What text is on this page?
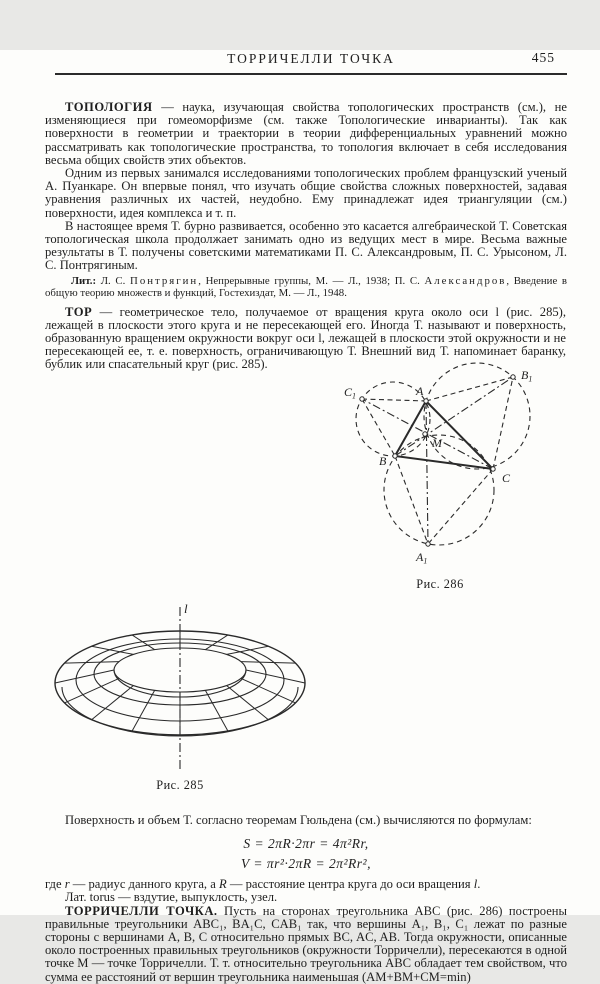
ТОРРИЧЕЛЛИ ТОЧКА	455

ТОПОЛОГИЯ — наука, изучающая свойства топологических пространств (см.), не изменяющиеся при гомеоморфизме (см. также Топологические инварианты). Так как поверхности в геометрии и траектории в теории дифференциальных уравнений можно рассматривать как топологические пространства, то топология включает в себя исследования весьма общих свойств этих объектов.

Одним из первых занимался исследованиями топологических проблем французский ученый А. Пуанкаре. Он впервые понял, что изучать общие свойства сложных поверхностей, задавая уравнения различных их частей, неудобно. Ему принадлежат идея триангуляции (см.) поверхности, идея комплекса и т. п.

В настоящее время Т. бурно развивается, особенно это касается алгебраической Т. Советская топологическая школа продолжает занимать одно из ведущих мест в мире. Весьма важные результаты в Т. получены советскими математиками П. С. Александровым, П. С. Урысоном, Л. С. Понтрягиным.

Лит.: Л. С. Понтрягин, Непрерывные группы, М. — Л., 1938; П. С. Александров, Введение в общую теорию множеств и функций, Гостехиздат, М. — Л., 1948.

A
B
C
M
$A_1$
$B_1$
$C_1$
Рис. 286

ТОР — геометрическое тело, получаемое от вращения круга около оси l (рис. 285), лежащей в плоскости этого круга и не пересекающей его. Иногда Т. называют и поверхность, образованную вращением окружности вокруг оси l, лежащей в плоскости этой окружности и не пересекающей ее, т. е. поверхность, ограничивающую Т. Внешний вид Т. напоминает баранку, бублик или спасательный круг (рис. 285).

l
Рис. 285

Поверхность и объем Т. согласно теоремам Гюльдена (см.) вычисляются по формулам:

S = 2πR·2πr = 4π²Rr,
V = πr²·2πR = 2π²Rr²,

где r — радиус данного круга, а R — расстояние центра круга до оси вращения l.

Лат. torus — вздутие, выпуклость, узел.

ТОРРИЧЕЛЛИ ТОЧКА. Пусть на сторонах треугольника ABC (рис. 286) построены правильные треугольники ABC₁, BA₁C, CAB₁ так, что вершины A₁, B₁, C₁ лежат по разные стороны с вершинами A, B, C относительно прямых BC, AC, AB. Тогда окружности, описанные около построенных правильных треугольников (окружности Торричелли), пересекаются в одной точке M — точке Торричелли. Т. т. относительно треугольника ABC обладает тем свойством, что сумма ее расстояний от вершин треугольника наименьшая (AM+BM+CM=min)
